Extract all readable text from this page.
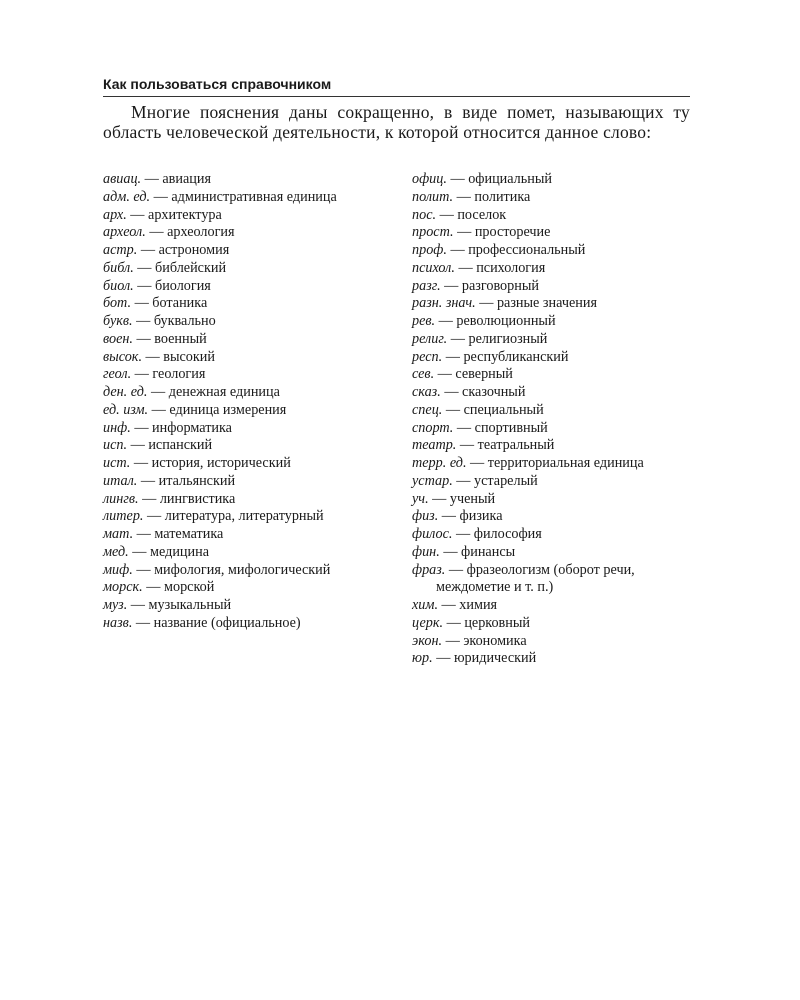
Как пользоваться справочником
Многие пояснения даны сокращенно, в виде помет, называющих ту область человеческой деятельности, к которой относится данное слово:
авиац. — авиация
адм. ед. — административная единица
арх. — архитектура
археол. — археология
астр. — астрономия
библ. — библейский
биол. — биология
бот. — ботаника
букв. — буквально
воен. — военный
высок. — высокий
геол. — геология
ден. ед. — денежная единица
ед. изм. — единица измерения
инф. — информатика
исп. — испанский
ист. — история, исторический
итал. — итальянский
лингв. — лингвистика
литер. — литература, литературный
мат. — математика
мед. — медицина
миф. — мифология, мифологический
морск. — морской
муз. — музыкальный
назв. — название (официальное)
офиц. — официальный
полит. — политика
пос. — поселок
прост. — просторечие
проф. — профессиональный
психол. — психология
разг. — разговорный
разн. знач. — разные значения
рев. — революционный
религ. — религиозный
респ. — республиканский
сев. — северный
сказ. — сказочный
спец. — специальный
спорт. — спортивный
театр. — театральный
терр. ед. — территориальная единица
устар. — устарелый
уч. — ученый
физ. — физика
филос. — философия
фин. — финансы
фраз. — фразеологизм (оборот речи, междометие и т. п.)
хим. — химия
церк. — церковный
экон. — экономика
юр. — юридический
